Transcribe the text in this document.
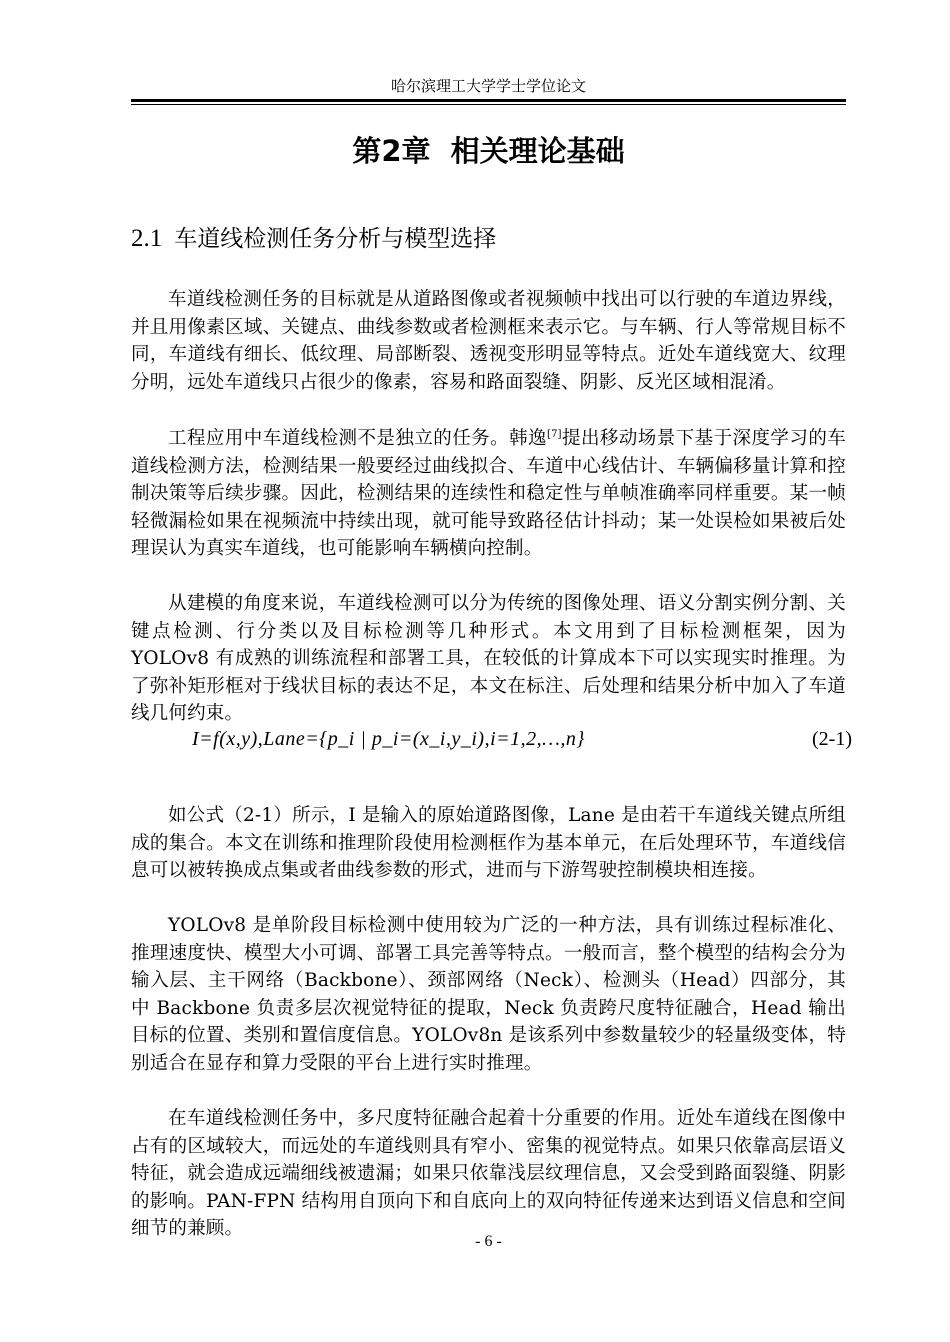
哈尔滨理工大学学士学位论文
第2章  相关理论基础
2.1 车道线检测任务分析与模型选择

车道线检测任务的目标就是从道路图像或者视频帧中找出可以行驶的车道边界线，并且用像素区域、关键点、曲线参数或者检测框来表示它。与车辆、行人等常规目标不同，车道线有细长、低纹理、局部断裂、透视变形明显等特点。近处车道线宽大、纹理分明，远处车道线只占很少的像素，容易和路面裂缝、阴影、反光区域相混淆。

工程应用中车道线检测不是独立的任务。韩逸[7]提出移动场景下基于深度学习的车道线检测方法，检测结果一般要经过曲线拟合、车道中心线估计、车辆偏移量计算和控制决策等后续步骤。因此，检测结果的连续性和稳定性与单帧准确率同样重要。某一帧轻微漏检如果在视频流中持续出现，就可能导致路径估计抖动；某一处误检如果被后处理误认为真实车道线，也可能影响车辆横向控制。

从建模的角度来说，车道线检测可以分为传统的图像处理、语义分割实例分割、关键点检测、行分类以及目标检测等几种形式。本文用到了目标检测框架，因为 YOLOv8 有成熟的训练流程和部署工具，在较低的计算成本下可以实现实时推理。为了弥补矩形框对于线状目标的表达不足，本文在标注、后处理和结果分析中加入了车道线几何约束。

I=f(x,y),Lane={p_i | p_i=(x_i,y_i),i=1,2,…,n}	(2-1)

如公式（2-1）所示，I 是输入的原始道路图像，Lane 是由若干车道线关键点所组成的集合。本文在训练和推理阶段使用检测框作为基本单元，在后处理环节，车道线信息可以被转换成点集或者曲线参数的形式，进而与下游驾驶控制模块相连接。

YOLOv8 是单阶段目标检测中使用较为广泛的一种方法，具有训练过程标准化、推理速度快、模型大小可调、部署工具完善等特点。一般而言，整个模型的结构会分为输入层、主干网络（Backbone）、颈部网络（Neck）、检测头（Head）四部分，其中 Backbone 负责多层次视觉特征的提取，Neck 负责跨尺度特征融合，Head 输出目标的位置、类别和置信度信息。YOLOv8n 是该系列中参数量较少的轻量级变体，特别适合在显存和算力受限的平台上进行实时推理。

在车道线检测任务中，多尺度特征融合起着十分重要的作用。近处车道线在图像中占有的区域较大，而远处的车道线则具有窄小、密集的视觉特点。如果只依靠高层语义特征，就会造成远端细线被遗漏；如果只依靠浅层纹理信息，又会受到路面裂缝、阴影的影响。PAN-FPN 结构用自顶向下和自底向上的双向特征传递来达到语义信息和空间细节的兼顾。

- 6 -
